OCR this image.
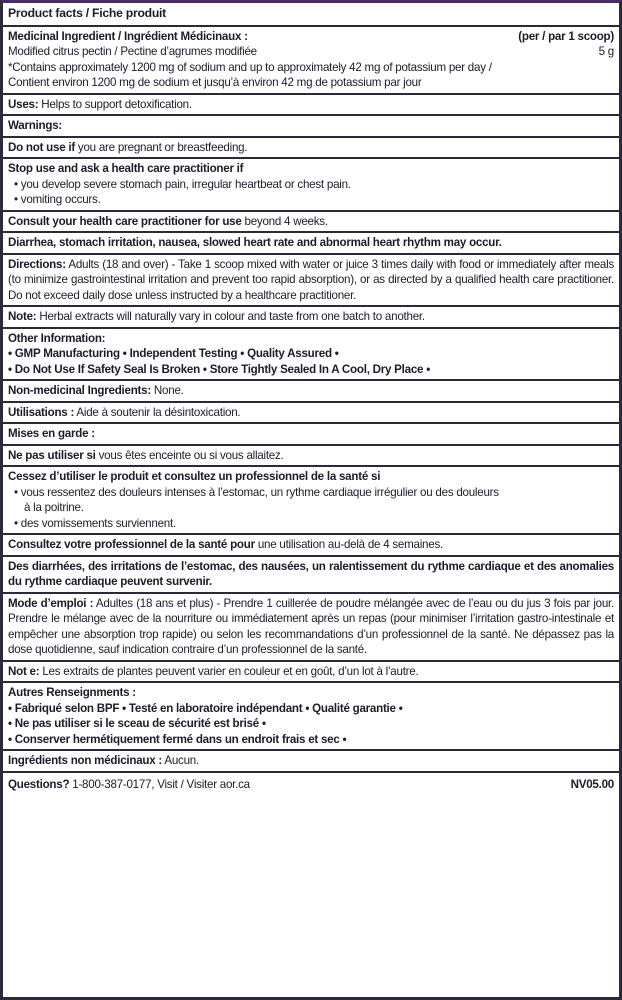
Product facts / Fiche produit
Medicinal Ingredient / Ingrédient Médicinaux :	(per / par 1 scoop)
Modified citrus pectin / Pectine d’agrumes modifiée	5 g
*Contains approximately 1200 mg of sodium and up to approximately 42 mg of potassium per day /
Contient environ 1200 mg de sodium et jusqu’à environ 42 mg de potassium par jour
Uses: Helps to support detoxification.
Warnings:
Do not use if you are pregnant or breastfeeding.
Stop use and ask a health care practitioner if
• you develop severe stomach pain, irregular heartbeat or chest pain.
• vomiting occurs.
Consult your health care practitioner for use beyond 4 weeks.
Diarrhea, stomach irritation, nausea, slowed heart rate and abnormal heart rhythm may occur.
Directions: Adults (18 and over) - Take 1 scoop mixed with water or juice 3 times daily with food or immediately after meals (to minimize gastrointestinal irritation and prevent too rapid absorption), or as directed by a qualified health care practitioner. Do not exceed daily dose unless instructed by a healthcare practitioner.
Note: Herbal extracts will naturally vary in colour and taste from one batch to another.
Other Information:
• GMP Manufacturing • Independent Testing • Quality Assured •
• Do Not Use If Safety Seal Is Broken • Store Tightly Sealed In A Cool, Dry Place •
Non-medicinal Ingredients: None.
Utilisations : Aide à soutenir la désintoxication.
Mises en garde :
Ne pas utiliser si vous êtes enceinte ou si vous allaitez.
Cessez d’utiliser le produit et consultez un professionnel de la santé si
• vous ressentez des douleurs intenses à l’estomac, un rythme cardiaque irrégulier ou des douleurs
à la poitrine.
• des vomissements surviennent.
Consultez votre professionnel de la santé pour une utilisation au-delà de 4 semaines.
Des diarrhées, des irritations de l’estomac, des nausées, un ralentissement du rythme cardiaque et des anomalies du rythme cardiaque peuvent survenir.
Mode d’emploi : Adultes (18 ans et plus) - Prendre 1 cuillerée de poudre mélangée avec de l’eau ou du jus 3 fois par jour. Prendre le mélange avec de la nourriture ou immédiatement après un repas (pour minimiser l’irritation gastro-intestinale et empêcher une absorption trop rapide) ou selon les recommandations d’un professionnel de la santé. Ne dépassez pas la dose quotidienne, sauf indication contraire d’un professionnel de la santé.
Not e: Les extraits de plantes peuvent varier en couleur et en goût, d’un lot à l’autre.
Autres Renseignments :
• Fabriqué selon BPF • Testé en laboratoire indépendant • Qualité garantie •
• Ne pas utiliser si le sceau de sécurité est brisé •
• Conserver hermétiquement fermé dans un endroit frais et sec •
Ingrédients non médicinaux : Aucun.
Questions? 1-800-387-0177, Visit / Visiter aor.ca	NV05.00
